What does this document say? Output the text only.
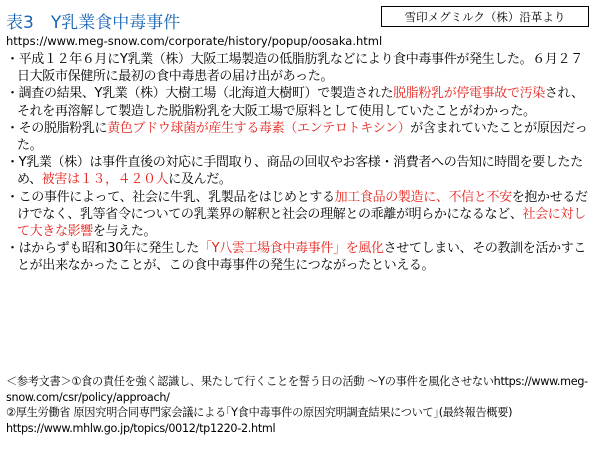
表3　Y乳業食中毒事件	雪印メグミルク（株）沿革より
https://www.meg-snow.com/corporate/history/popup/oosaka.html

・平成１２年６月にY乳業（株）大阪工場製造の低脂肪乳などにより食中毒事件が発生した。６月２７日大阪市保健所に最初の食中毒患者の届け出があった。

・調査の結果、Y乳業（株）大樹工場（北海道大樹町）で製造された脱脂粉乳が停電事故で汚染され、それを再溶解して製造した脱脂粉乳を大阪工場で原料として使用していたことがわかった。

・その脱脂粉乳に黄色ブドウ球菌が産生する毒素（エンテロトキシン）が含まれていたことが原因だった。

・Y乳業（株）は事件直後の対応に手間取り、商品の回収やお客様・消費者への告知に時間を要したため、被害は１３，４２０人に及んだ。

・この事件によって、社会に牛乳、乳製品をはじめとする加工食品の製造に、不信と不安を抱かせるだけでなく、乳等省令についての乳業界の解釈と社会の理解との乖離が明らかになるなど、社会に対して大きな影響を与えた。

・はからずも昭和30年に発生した「Y八雲工場食中毒事件」を風化させてしまい、その教訓を活かすことが出来なかったことが、この食中毒事件の発生につながったといえる。

＜参考文書＞①食の責任を強く認識し、果たして行くことを誓う日の活動 ～Yの事件を風化させないhttps://www.meg-snow.com/csr/policy/approach/

②厚生労働省 原因究明合同専門家会議による｢Y食中毒事件の原因究明調査結果について｣(最終報告概要) https://www.mhlw.go.jp/topics/0012/tp1220-2.html
